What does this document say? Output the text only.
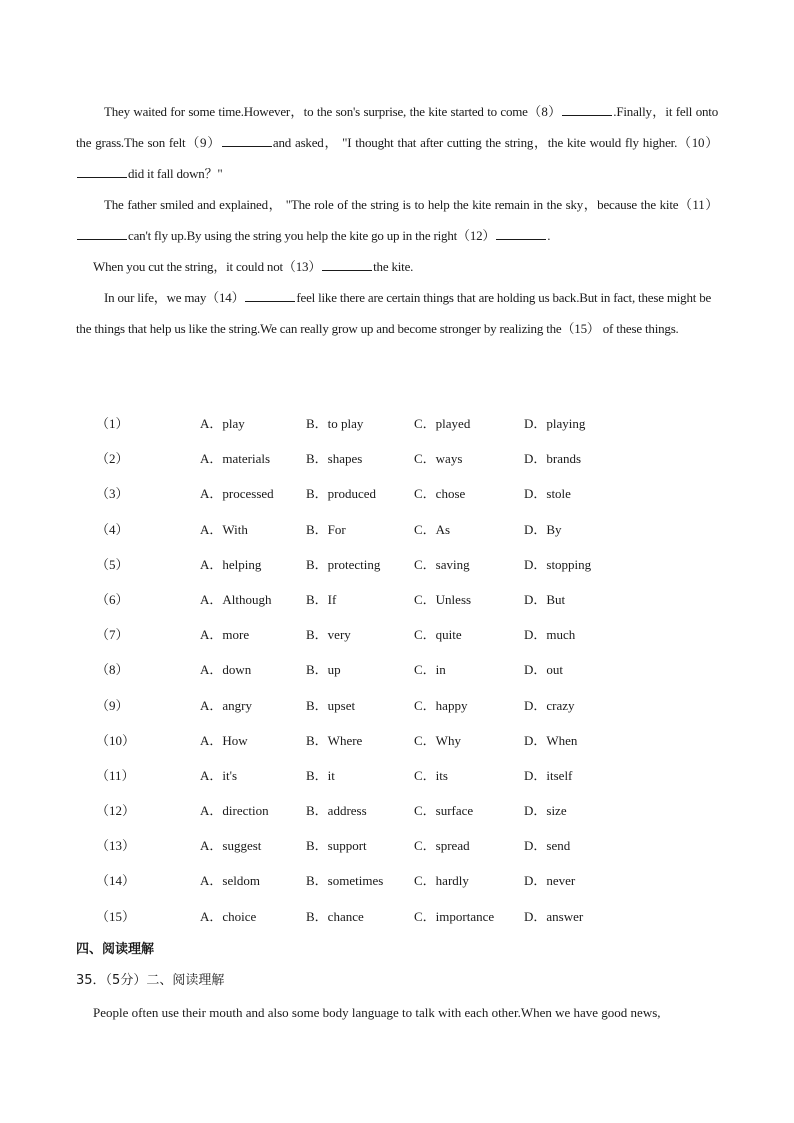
They waited for some time.However，to the son's surprise, the kite started to come（8）	.Finally，it fell onto the grass.The son felt（9）	and asked， "I thought that after cutting the string，the kite would fly higher.（10）did it fall down？"

The father smiled and explained， "The role of the string is to help the kite remain in the sky，because the kite（11）can't fly up.By using the string you help the kite go up in the right（12）	.

When you cut the string，it could not（13）	the kite.

In our life，we may（14）	feel like there are certain things that are holding us back.But in fact, these might be the things that help us like the string.We can really grow up and become stronger by realizing the（15） of these things.

（1）	A．play	B．to play	C．played	D．playing
（2）	A．materials	B．shapes	C．ways	D．brands
（3）	A．processed B．produced	C．chose	D．stole
（4）	A．With	B．For	C．As	D．By
（5）	A．helping	B．protecting	C．saving	D．stopping
（6）	A．Although	B．If	C．Unless	D．But
（7）	A．more	B．very	C．quite	D．much
（8）	A．down	B．up	C．in	D．out
（9）	A．angry	B．upset	C．happy	D．crazy
（10）	A．How	B．Where	C．Why	D．When
（11）	A．it's	B．it	C．its	D．itself
（12）	A．direction	B．address	C．surface	D．size
（13）	A．suggest	B．support	C．spread	D．send
（14）	A．seldom	B．sometimes C．hardly	D．never
（15）	A．choice	B．chance	C．importance D．answer
四、阅读理解
35．（5分）二、阅读理解
People often use their mouth and also some body language to talk with each other.When we have good news,
